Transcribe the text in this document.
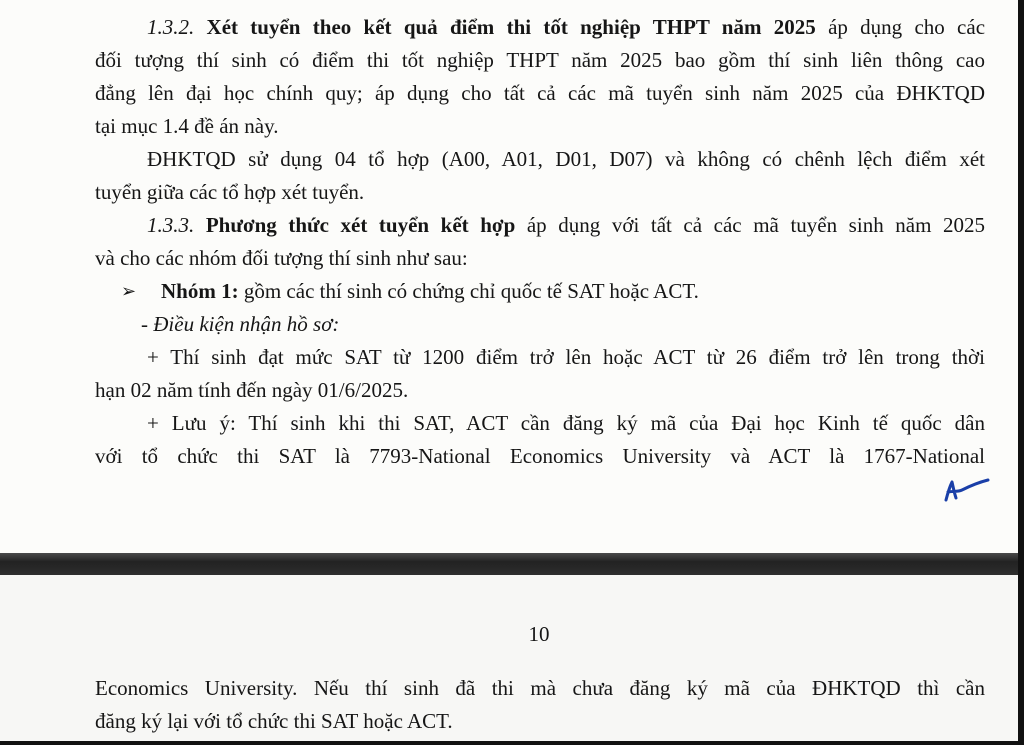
1.3.2. Xét tuyển theo kết quả điểm thi tốt nghiệp THPT năm 2025 áp dụng cho các

đối tượng thí sinh có điểm thi tốt nghiệp THPT năm 2025 bao gồm thí sinh liên thông cao

đẳng lên đại học chính quy; áp dụng cho tất cả các mã tuyển sinh năm 2025 của ĐHKTQD

tại mục 1.4 đề án này.

ĐHKTQD sử dụng 04 tổ hợp (A00, A01, D01, D07) và không có chênh lệch điểm xét

tuyển giữa các tổ hợp xét tuyển.

1.3.3. Phương thức xét tuyển kết hợp áp dụng với tất cả các mã tuyển sinh năm 2025

và cho các nhóm đối tượng thí sinh như sau:

➢ Nhóm 1: gồm các thí sinh có chứng chỉ quốc tế SAT hoặc ACT.

- Điều kiện nhận hồ sơ:

+ Thí sinh đạt mức SAT từ 1200 điểm trở lên hoặc ACT từ 26 điểm trở lên trong thời

hạn 02 năm tính đến ngày 01/6/2025.

+ Lưu ý: Thí sinh khi thi SAT, ACT cần đăng ký mã của Đại học Kinh tế quốc dân

với tổ chức thi SAT là 7793-National Economics University và ACT là 1767-National

10

Economics University. Nếu thí sinh đã thi mà chưa đăng ký mã của ĐHKTQD thì cần

đăng ký lại với tổ chức thi SAT hoặc ACT.
